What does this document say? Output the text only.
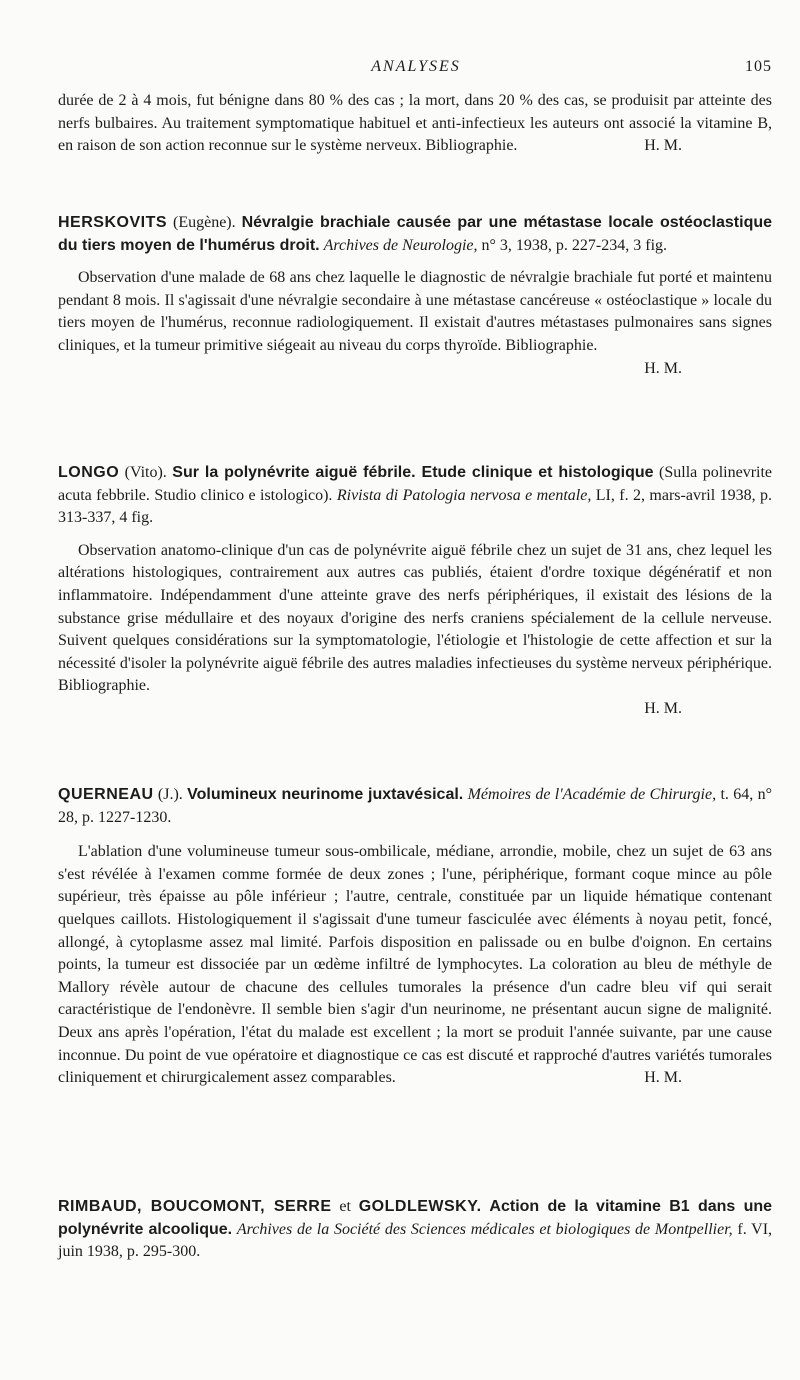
ANALYSES	105

durée de 2 à 4 mois, fut bénigne dans 80 % des cas ; la mort, dans 20 % des cas, se produisit par atteinte des nerfs bulbaires. Au traitement symptomatique habituel et anti-infectieux les auteurs ont associé la vitamine B, en raison de son action reconnue sur le système nerveux. Bibliographie.	H. M.

HERSKOVITS (Eugène). Névralgie brachiale causée par une métastase locale ostéoclastique du tiers moyen de l'humérus droit. Archives de Neurologie, n° 3, 1938, p. 227-234, 3 fig.

Observation d'une malade de 68 ans chez laquelle le diagnostic de névralgie brachiale fut porté et maintenu pendant 8 mois. Il s'agissait d'une névralgie secondaire à une métastase cancéreuse « ostéoclastique » locale du tiers moyen de l'humérus, reconnue radiologiquement. Il existait d'autres métastases pulmonaires sans signes cliniques, et la tumeur primitive siégeait au niveau du corps thyroïde. Bibliographie.

H. M.

LONGO (Vito). Sur la polynévrite aiguë fébrile. Etude clinique et histologique (Sulla polinevrite acuta febbrile. Studio clinico e istologico). Rivista di Patologia nervosa e mentale, LI, f. 2, mars-avril 1938, p. 313-337, 4 fig.

Observation anatomo-clinique d'un cas de polynévrite aiguë fébrile chez un sujet de 31 ans, chez lequel les altérations histologiques, contrairement aux autres cas publiés, étaient d'ordre toxique dégénératif et non inflammatoire. Indépendamment d'une atteinte grave des nerfs périphériques, il existait des lésions de la substance grise médullaire et des noyaux d'origine des nerfs craniens spécialement de la cellule nerveuse. Suivent quelques considérations sur la symptomatologie, l'étiologie et l'histologie de cette affection et sur la nécessité d'isoler la polynévrite aiguë fébrile des autres maladies infectieuses du système nerveux périphérique. Bibliographie.

H. M.

QUERNEAU (J.). Volumineux neurinome juxtavésical. Mémoires de l'Académie de Chirurgie, t. 64, n° 28, p. 1227-1230.

L'ablation d'une volumineuse tumeur sous-ombilicale, médiane, arrondie, mobile, chez un sujet de 63 ans s'est révélée à l'examen comme formée de deux zones ; l'une, périphérique, formant coque mince au pôle supérieur, très épaisse au pôle inférieur ; l'autre, centrale, constituée par un liquide hématique contenant quelques caillots. Histologiquement il s'agissait d'une tumeur fasciculée avec éléments à noyau petit, foncé, allongé, à cytoplasme assez mal limité. Parfois disposition en palissade ou en bulbe d'oignon. En certains points, la tumeur est dissociée par un œdème infiltré de lymphocytes. La coloration au bleu de méthyle de Mallory révèle autour de chacune des cellules tumorales la présence d'un cadre bleu vif qui serait caractéristique de l'endonèvre. Il semble bien s'agir d'un neurinome, ne présentant aucun signe de malignité. Deux ans après l'opération, l'état du malade est excellent ; la mort se produit l'année suivante, par une cause inconnue. Du point de vue opératoire et diagnostique ce cas est discuté et rapproché d'autres variétés tumorales cliniquement et chirurgicalement assez comparables.	H. M.

RIMBAUD, BOUCOMONT, SERRE et GOLDLEWSKY. Action de la vitamine B1 dans une polynévrite alcoolique. Archives de la Société des Sciences médicales et biologiques de Montpellier, f. VI, juin 1938, p. 295-300.
